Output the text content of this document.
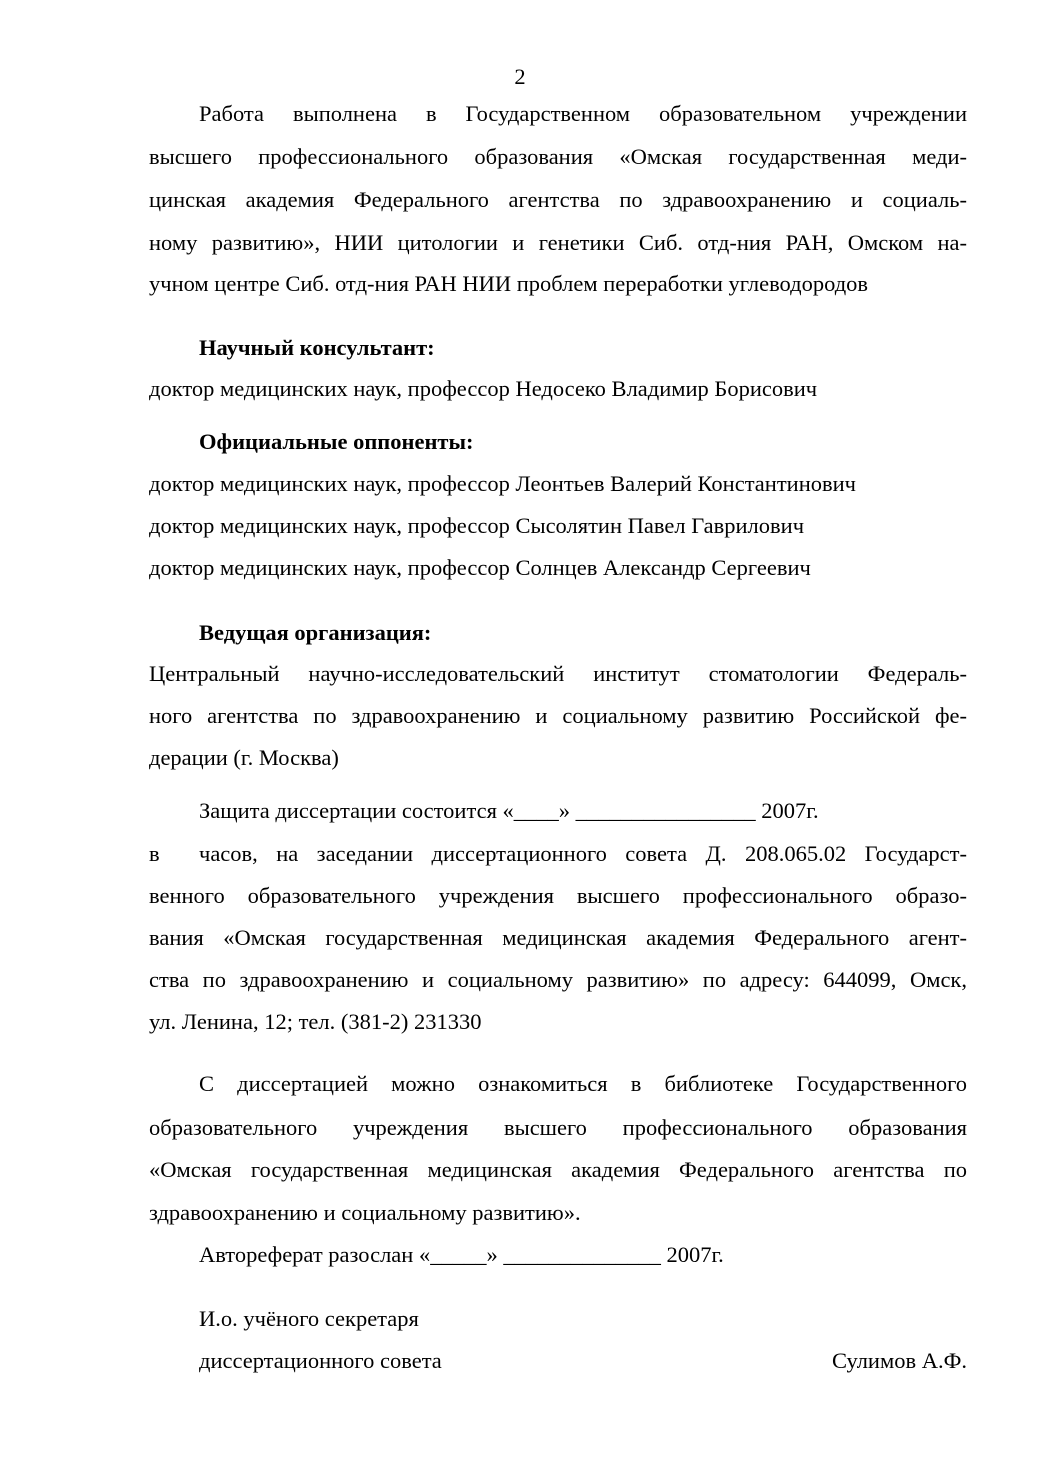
2
Работа выполнена в Государственном образовательном учреждении
высшего профессионального образования «Омская государственная меди-
цинская академия Федерального агентства по здравоохранению и социаль-
ному развитию», НИИ цитологии и генетики Сиб. отд-ния РАН, Омском на-
учном центре Сиб. отд-ния РАН НИИ проблем переработки углеводородов
Научный консультант:
доктор медицинских наук, профессор Недосеко Владимир Борисович
Официальные оппоненты:
доктор медицинских наук, профессор Леонтьев Валерий Константинович
доктор медицинских наук, профессор Сысолятин Павел Гаврилович
доктор медицинских наук, профессор Солнцев Александр Сергеевич
Ведущая организация:
Центральный научно-исследовательский институт стоматологии Федераль-
ного агентства по здравоохранению и социальному развитию Российской фе-
дерации (г. Москва)
Защита диссертации состоится «____» ________________ 2007г.
в	часов, на заседании диссертационного совета Д. 208.065.02 Государст-
венного образовательного учреждения высшего профессионального образо-
вания «Омская государственная медицинская академия Федерального агент-
ства по здравоохранению и социальному развитию» по адресу: 644099, Омск,
ул. Ленина, 12; тел. (381-2) 231330
С диссертацией можно ознакомиться в библиотеке Государственного
образовательного учреждения высшего профессионального образования
«Омская государственная медицинская академия Федерального агентства по
здравоохранению и социальному развитию».
Автореферат разослан «_____» ______________ 2007г.
И.о. учёного секретаря
диссертационного совета	Сулимов А.Ф.
